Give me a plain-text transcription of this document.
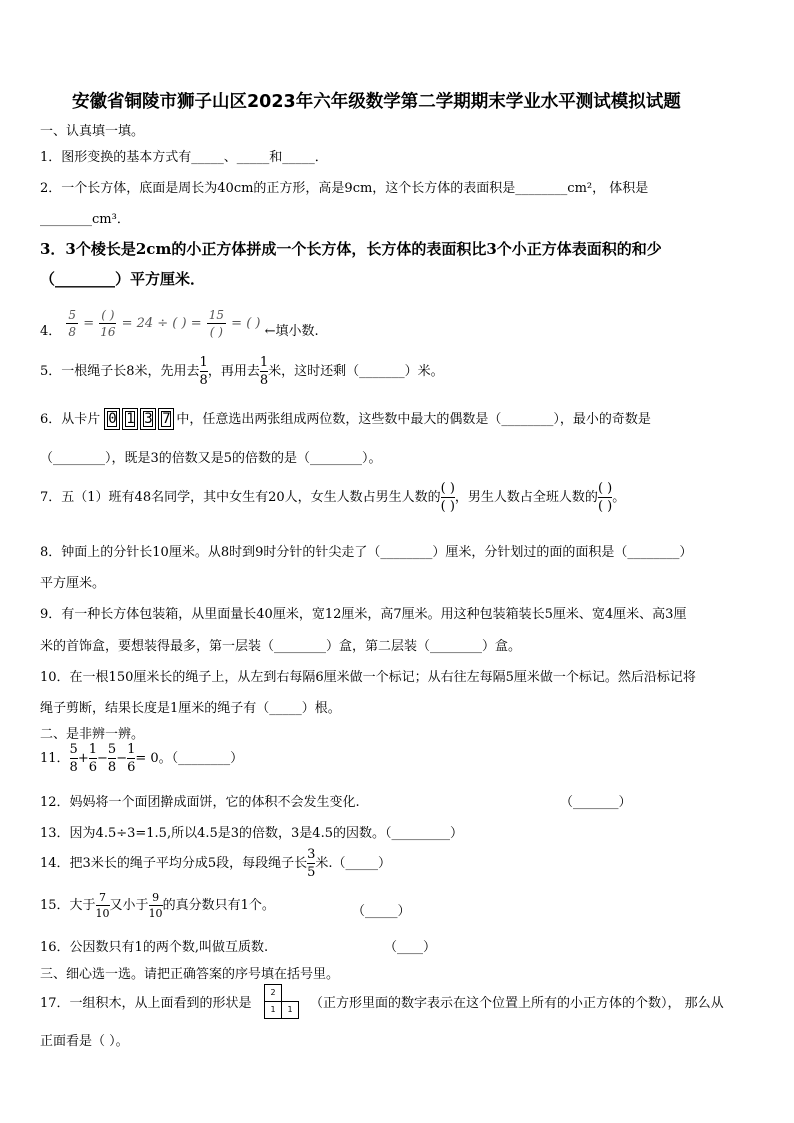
安徽省铜陵市狮子山区2023年六年级数学第二学期期末学业水平测试模拟试题
一、认真填一填。
1．图形变换的基本方式有_____、_____和_____．
2．一个长方体，底面是周长为40cm的正方形，高是9cm，这个长方体的表面积是________cm²， 体积是
________cm³．
3．3个棱长是2cm的小正方体拼成一个长方体，长方体的表面积比3个小正方体表面积的和少
（________）平方厘米．
4． $\frac{5}{8} = \frac{( )}{16} = 24$ ÷ ( ) = $\frac{15}{( )}$ = ( ) ←填小数.
5．一根绳子长8米，先用去 $\frac{1}{8}$ ，再用去 $\frac{1}{8}$ 米，这时还剩（_______）米。
6．从卡片 0 1 3 7 中，任意选出两张组成两位数，这些数中最大的偶数是（________），最小的奇数是
（________），既是3的倍数又是5的倍数的是（________）。
7．五（1）班有48名同学，其中女生有20人，女生人数占男生人数的
( )
( )
，男生人数占全班人数的
( )
( )
。
8．钟面上的分针长10厘米。从8时到9时分针的针尖走了（________）厘米，分针划过的面的面积是（________）
平方厘米。
9．有一种长方体包装箱，从里面量长40厘米，宽12厘米，高7厘米。用这种包装箱装长5厘米、宽4厘米、高3厘
米的首饰盒，要想装得最多，第一层装（________）盒，第二层装（________）盒。
10．在一根150厘米长的绳子上，从左到右每隔6厘米做一个标记；从右往左每隔5厘米做一个标记。然后沿标记将
绳子剪断，结果长度是1厘米的绳子有（_____）根。
二、是非辨一辨。
11． $\frac{5}{8} + \frac{1}{6} - \frac{5}{8} - \frac{1}{6} = 0$。（________）
12．妈妈将一个面团擀成面饼，它的体积不会发生变化.	（_______）
13．因为4.5÷3=1.5,所以4.5是3的倍数，3是4.5的因数。（_________）
14．把3米长的绳子平均分成5段，每段绳子长 $\frac{3}{5}$ 米.（_____）
15．大于 $\frac{7}{10}$ 又小于 $\frac{9}{10}$ 的真分数只有1个。	（_____）
16．公因数只有1的两个数,叫做互质数.	（____）
三、细心选一选。请把正确答案的序号填在括号里。
17．一组积木，从上面看到的形状是
2
1	1	（正方形里面的数字表示在这个位置上所有的小正方体的个数）， 那么从
正面看是（ ）。
